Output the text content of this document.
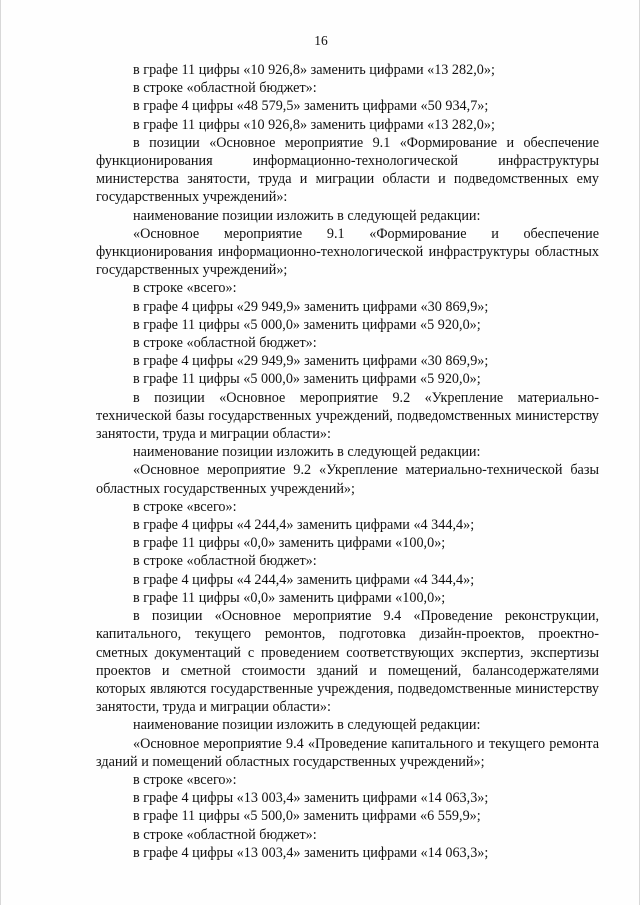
16

в графе 11 цифры «10 926,8» заменить цифрами «13 282,0»;

в строке «областной бюджет»:

в графе 4 цифры «48 579,5» заменить цифрами «50 934,7»;

в графе 11 цифры «10 926,8» заменить цифрами «13 282,0»;

в позиции «Основное мероприятие 9.1 «Формирование и обеспечение функционирования информационно-технологической инфраструктуры министерства занятости, труда и миграции области и подведомственных ему государственных учреждений»:

наименование позиции изложить в следующей редакции:

«Основное мероприятие 9.1 «Формирование и обеспечение функционирования информационно-технологической инфраструктуры областных государственных учреждений»;

в строке «всего»:

в графе 4 цифры «29 949,9» заменить цифрами «30 869,9»;

в графе 11 цифры «5 000,0» заменить цифрами «5 920,0»;

в строке «областной бюджет»:

в графе 4 цифры «29 949,9» заменить цифрами «30 869,9»;

в графе 11 цифры «5 000,0» заменить цифрами «5 920,0»;

в позиции «Основное мероприятие 9.2 «Укрепление материально-технической базы государственных учреждений, подведомственных министерству занятости, труда и миграции области»:

наименование позиции изложить в следующей редакции:

«Основное мероприятие 9.2 «Укрепление материально-технической базы областных государственных учреждений»;

в строке «всего»:

в графе 4 цифры «4 244,4» заменить цифрами «4 344,4»;

в графе 11 цифры «0,0» заменить цифрами «100,0»;

в строке «областной бюджет»:

в графе 4 цифры «4 244,4» заменить цифрами «4 344,4»;

в графе 11 цифры «0,0» заменить цифрами «100,0»;

в позиции «Основное мероприятие 9.4 «Проведение реконструкции, капитального, текущего ремонтов, подготовка дизайн-проектов, проектно-сметных документаций с проведением соответствующих экспертиз, экспертизы проектов и сметной стоимости зданий и помещений, балансодержателями которых являются государственные учреждения, подведомственные министерству занятости, труда и миграции области»:

наименование позиции изложить в следующей редакции:

«Основное мероприятие 9.4 «Проведение капитального и текущего ремонта зданий и помещений областных государственных учреждений»;

в строке «всего»:

в графе 4 цифры «13 003,4» заменить цифрами «14 063,3»;

в графе 11 цифры «5 500,0» заменить цифрами «6 559,9»;

в строке «областной бюджет»:

в графе 4 цифры «13 003,4» заменить цифрами «14 063,3»;
